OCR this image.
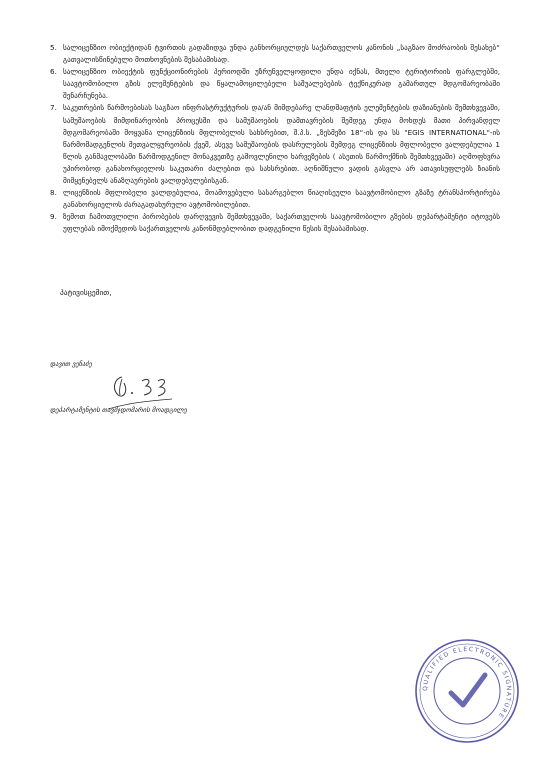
5. სალიცენზიო ობიექტიდან ტვირთის გადაზიდვა უნდა განხორციელდეს საქართველოს კანონის „საგზაო მოძრაობის შესახებ“ გათვალისწინებული მოთხოვნების შესაბამისად.
6. სალიცენზიო ობიექტის ფუნქციონირების პერიოდში უზრუნველყოფილი უნდა იქნას, მთელი ტერიტორიის ფარგლებში, საავტომობილო გზის ელემენტების და წყალამოცილებელი საშუალებების ტექნიკურად გამართულ მდგომარეობაში შენარჩუნება.
7. საკუთრების წარმოებისას საგზაო ინფრასტრუქტურის და/ან მიმდებარე ლანდშაფტის ელემენტების დაზიანების შემთხვევაში, სამუშაოების მიმდინარეობის პროცესში და სამუშაოების დამთავრების შემდეგ უნდა მოხდეს მათი პირვანდელ მდგომარეობაში მოყვანა ლიცენზიის მფლობელის სახსრებით, შ.პ.ს. „ზესმეზი 18“-ის და სს "EGIS INTERNATIONAL"-ის წარმომადგენლის მეთვალყურეობის ქვეშ, ასევე სამუშაოების დასრულების შემდეგ ლიცენზიის მფლობელი ვალდებულია 1 წლის განმავლობაში წარმოდგენილ მონაკვეთზე გამოვლენილი ხარვეზების ( ასეთის წარმოქმნის შემთხვევაში) აღმოფხვრა უპირობოდ განახორციელოს საკუთარი ძალებით და სახსრებით. აღნიშნული ვადის გასვლა არ ათავისუფლებს ზიანის მიმყენებელს ანაზღაურების ვალდებულებისგან.
8. ლიცენზიის მფლობელი ვალდებულია, მოამოვებული სასარგებლო წიაღისეული საავტომობილო გზაზე ტრანსპორტირება განახორციელოს ძარაგადახურული ავტომობილებით.
9. ზემოთ ჩამოთვლილი პირობების დარღვევის შემთხვევაში, საქართველოს საავტომობილო გზების დეპარტამენტი იტოვებს უფლებას იმოქმედოს საქართველოს კანონმდებლობით დადგენილი წესის შესაბამისად.
პატივისცემით,
დავით ვენაძე
დეპარტამენტის თავმჯდომარის მოადგილე
QUALIFIED ELECTRONIC SIGNATURE
